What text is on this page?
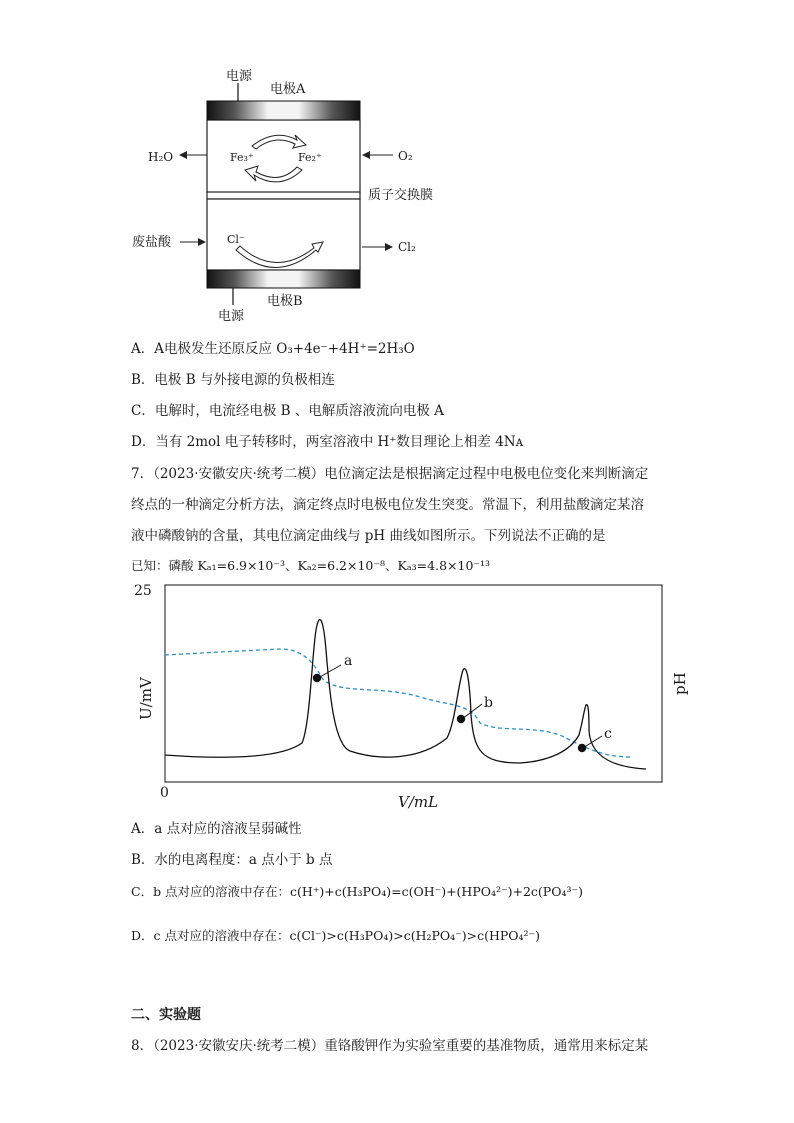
电源
电极A
Fe₃⁺	Fe₂⁺
H₂O	O₂
质子交换膜
废盐酸	Cl⁻
Cl₂
电源
电极B
A．A电极发生还原反应 O₃+4e⁻+4H⁺=2H₃O
B．电极 B 与外接电源的负极相连
C．电解时，电流经电极 B 、电解质溶液流向电极 A
D．当有 2mol 电子转移时，两室溶液中 H⁺数目理论上相差 4Nᴀ
7．（2023·安徽安庆·统考二模）电位滴定法是根据滴定过程中电极电位变化来判断滴定
终点的一种滴定分析方法，滴定终点时电极电位发生突变。常温下，利用盐酸滴定某溶
液中磷酸钠的含量，其电位滴定曲线与 pH 曲线如图所示。下列说法不正确的是
已知：磷酸 Kₐ₁=6.9×10⁻³、Kₐ₂=6.2×10⁻⁸、Kₐ₃=4.8×10⁻¹³
25
0	V/mL
U/mV	pH
a
b
c
A．a 点对应的溶液呈弱碱性
B．水的电离程度：a 点小于 b 点
C．b 点对应的溶液中存在：c(H⁺)+c(H₃PO₄)=c(OH⁻)+(HPO₄²⁻)+2c(PO₄³⁻)
D．c 点对应的溶液中存在：c(Cl⁻)>c(H₃PO₄)>c(H₂PO₄⁻)>c(HPO₄²⁻)
二、实验题
8．（2023·安徽安庆·统考二模）重铬酸钾作为实验室重要的基准物质，通常用来标定某
